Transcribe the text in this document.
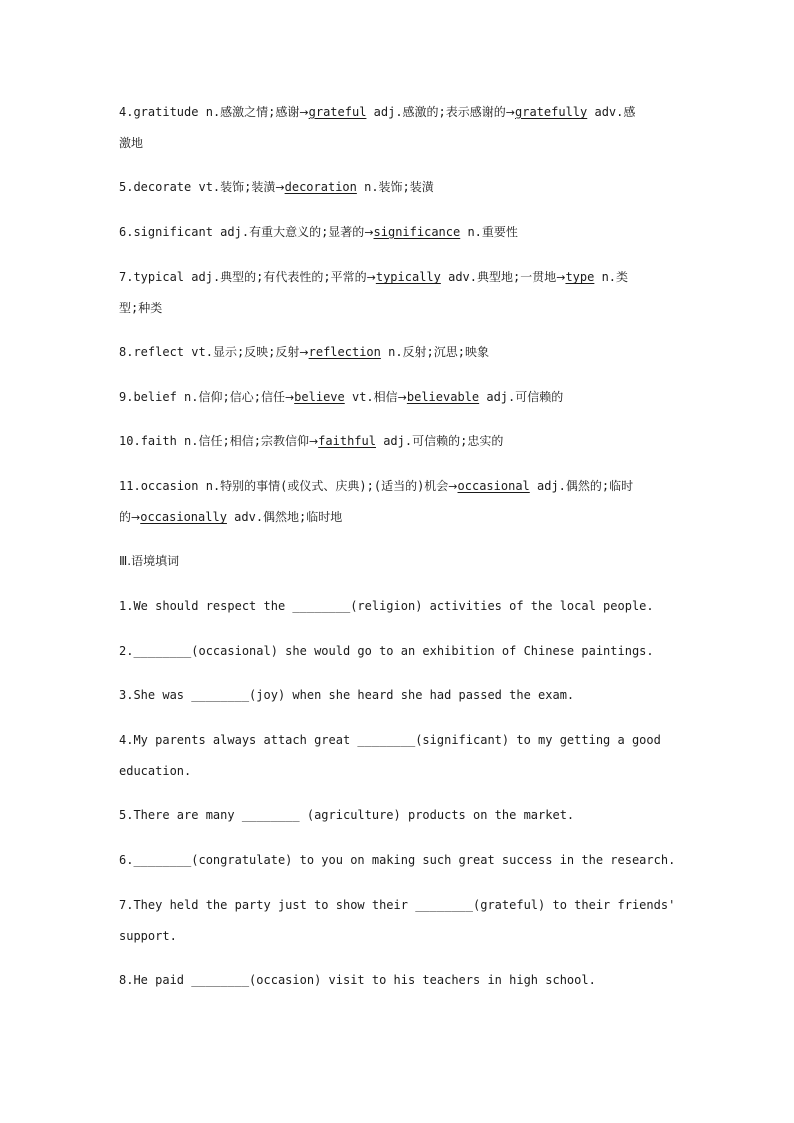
4.gratitude n.感激之情;感谢→grateful adj.感激的;表示感谢的→gratefully adv.感
激地
5.decorate vt.装饰;装潢→decoration n.装饰;装潢
6.significant adj.有重大意义的;显著的→significance n.重要性
7.typical adj.典型的;有代表性的;平常的→typically adv.典型地;一贯地→type n.类
型;种类
8.reflect vt.显示;反映;反射→reflection n.反射;沉思;映象
9.belief n.信仰;信心;信任→believe vt.相信→believable adj.可信赖的
10.faith n.信任;相信;宗教信仰→faithful adj.可信赖的;忠实的
11.occasion n.特别的事情(或仪式、庆典);(适当的)机会→occasional adj.偶然的;临时
的→occasionally adv.偶然地;临时地
Ⅲ.语境填词
1.We should respect the ________(religion) activities of the local people.
2.________(occasional) she would go to an exhibition of Chinese paintings.
3.She was ________(joy) when she heard she had passed the exam.
4.My parents always attach great ________(significant) to my getting a good
education.
5.There are many ________ (agriculture) products on the market.
6.________(congratulate) to you on making such great success in the research.
7.They held the party just to show their ________(grateful) to their friends'
support.
8.He paid ________(occasion) visit to his teachers in high school.
